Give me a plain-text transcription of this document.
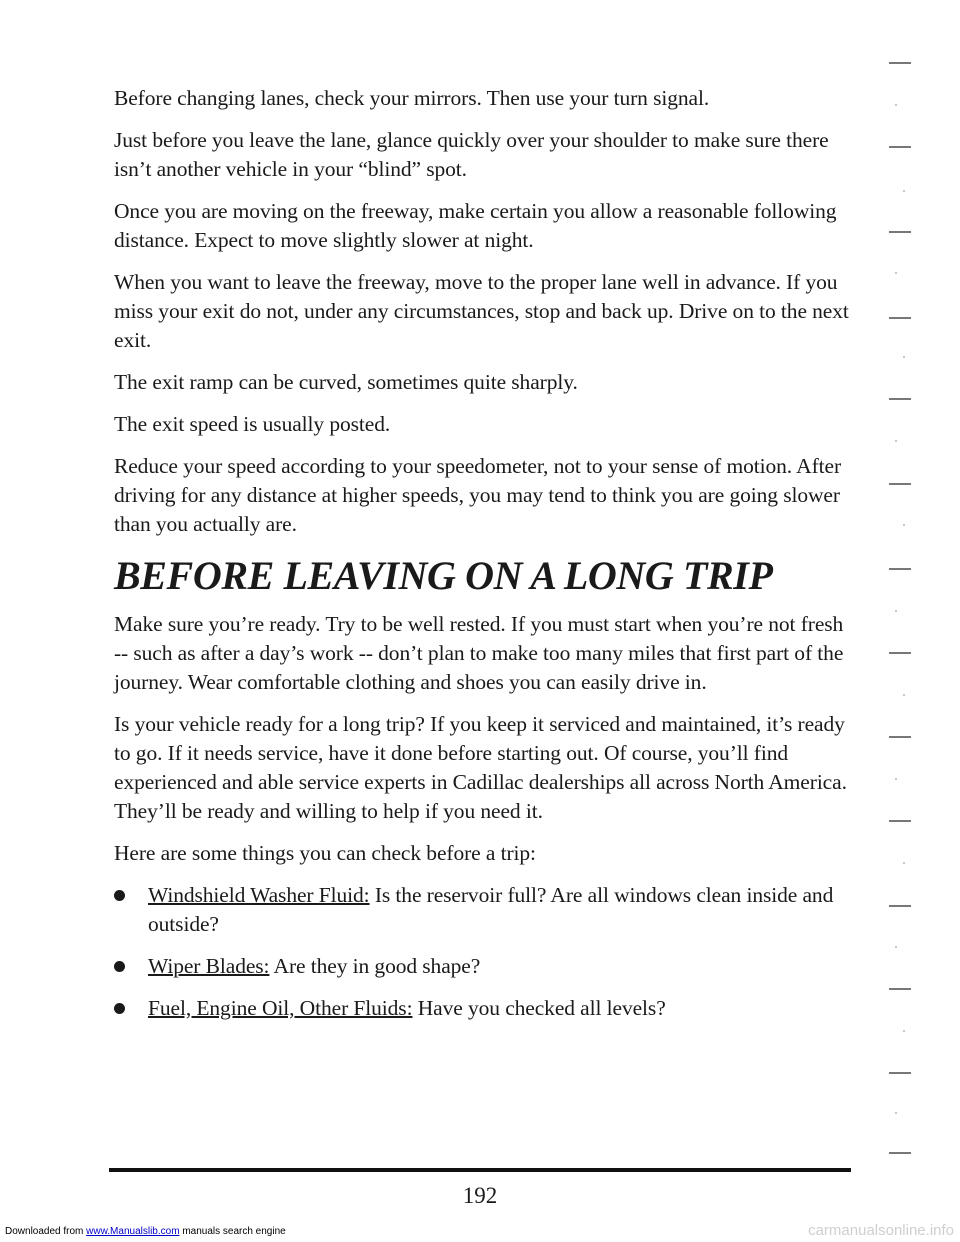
Downloaded from www.Manualslib.com manuals search engine	carmanualsonline.info

Before changing lanes, check your mirrors. Then use your turn signal.

Just before you leave the lane, glance quickly over your shoulder to make sure there isn’t another vehicle in your “blind” spot.

Once you are moving on the freeway, make certain you allow a reasonable following distance. Expect to move slightly slower at night.

When you want to leave the freeway, move to the proper lane well in advance. If you miss your exit do not, under any circumstances, stop and back up. Drive on to the next exit.

The exit ramp can be curved, sometimes quite sharply.

The exit speed is usually posted.

Reduce your speed according to your speedometer, not to your sense of motion. After driving for any distance at higher speeds, you may tend to think you are going slower than you actually are.

BEFORE LEAVING ON A LONG TRIP

Make sure you’re ready. Try to be well rested. If you must start when you’re not fresh -- such as after a day’s work -- don’t plan to make too many miles that first part of the journey. Wear comfortable clothing and shoes you can easily drive in.

Is your vehicle ready for a long trip? If you keep it serviced and maintained, it’s ready to go. If it needs service, have it done before starting out. Of course, you’ll find experienced and able service experts in Cadillac dealerships all across North America. They’ll be ready and willing to help if you need it.

Here are some things you can check before a trip:

Windshield Washer Fluid: Is the reservoir full? Are all windows clean inside and outside?
Wiper Blades: Are they in good shape?
Fuel, Engine Oil, Other Fluids: Have you checked all levels?
192
